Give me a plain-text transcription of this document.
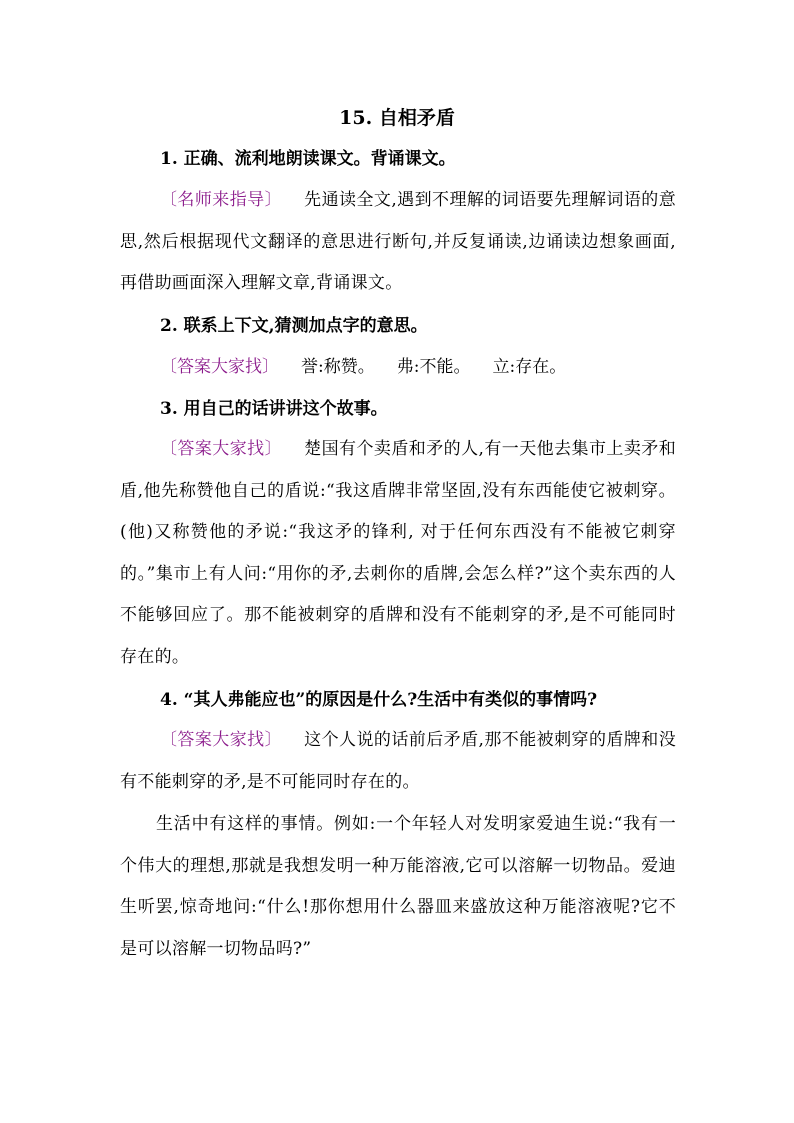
15. 自相矛盾
1. 正确、流利地朗读课文。背诵课文。
〔名师来指导〕 先通读全文,遇到不理解的词语要先理解词语的意思,然后根据现代文翻译的意思进行断句,并反复诵读,边诵读边想象画面,再借助画面深入理解文章,背诵课文。
2. 联系上下文,猜测加点字的意思。
〔答案大家找〕 誉:称赞。 弗:不能。 立:存在。
3. 用自己的话讲讲这个故事。
〔答案大家找〕 楚国有个卖盾和矛的人,有一天他去集市上卖矛和盾,他先称赞他自己的盾说:“我这盾牌非常坚固,没有东西能使它被刺穿。(他)又称赞他的矛说:“我这矛的锋利, 对于任何东西没有不能被它刺穿的。”集市上有人问:“用你的矛,去刺你的盾牌,会怎么样?”这个卖东西的人不能够回应了。那不能被刺穿的盾牌和没有不能刺穿的矛,是不可能同时存在的。
4. “其人弗能应也”的原因是什么?生活中有类似的事情吗?
〔答案大家找〕 这个人说的话前后矛盾,那不能被刺穿的盾牌和没有不能刺穿的矛,是不可能同时存在的。
生活中有这样的事情。例如:一个年轻人对发明家爱迪生说:“我有一个伟大的理想,那就是我想发明一种万能溶液,它可以溶解一切物品。爱迪生听罢,惊奇地问:“什么!那你想用什么器皿来盛放这种万能溶液呢?它不是可以溶解一切物品吗?”
